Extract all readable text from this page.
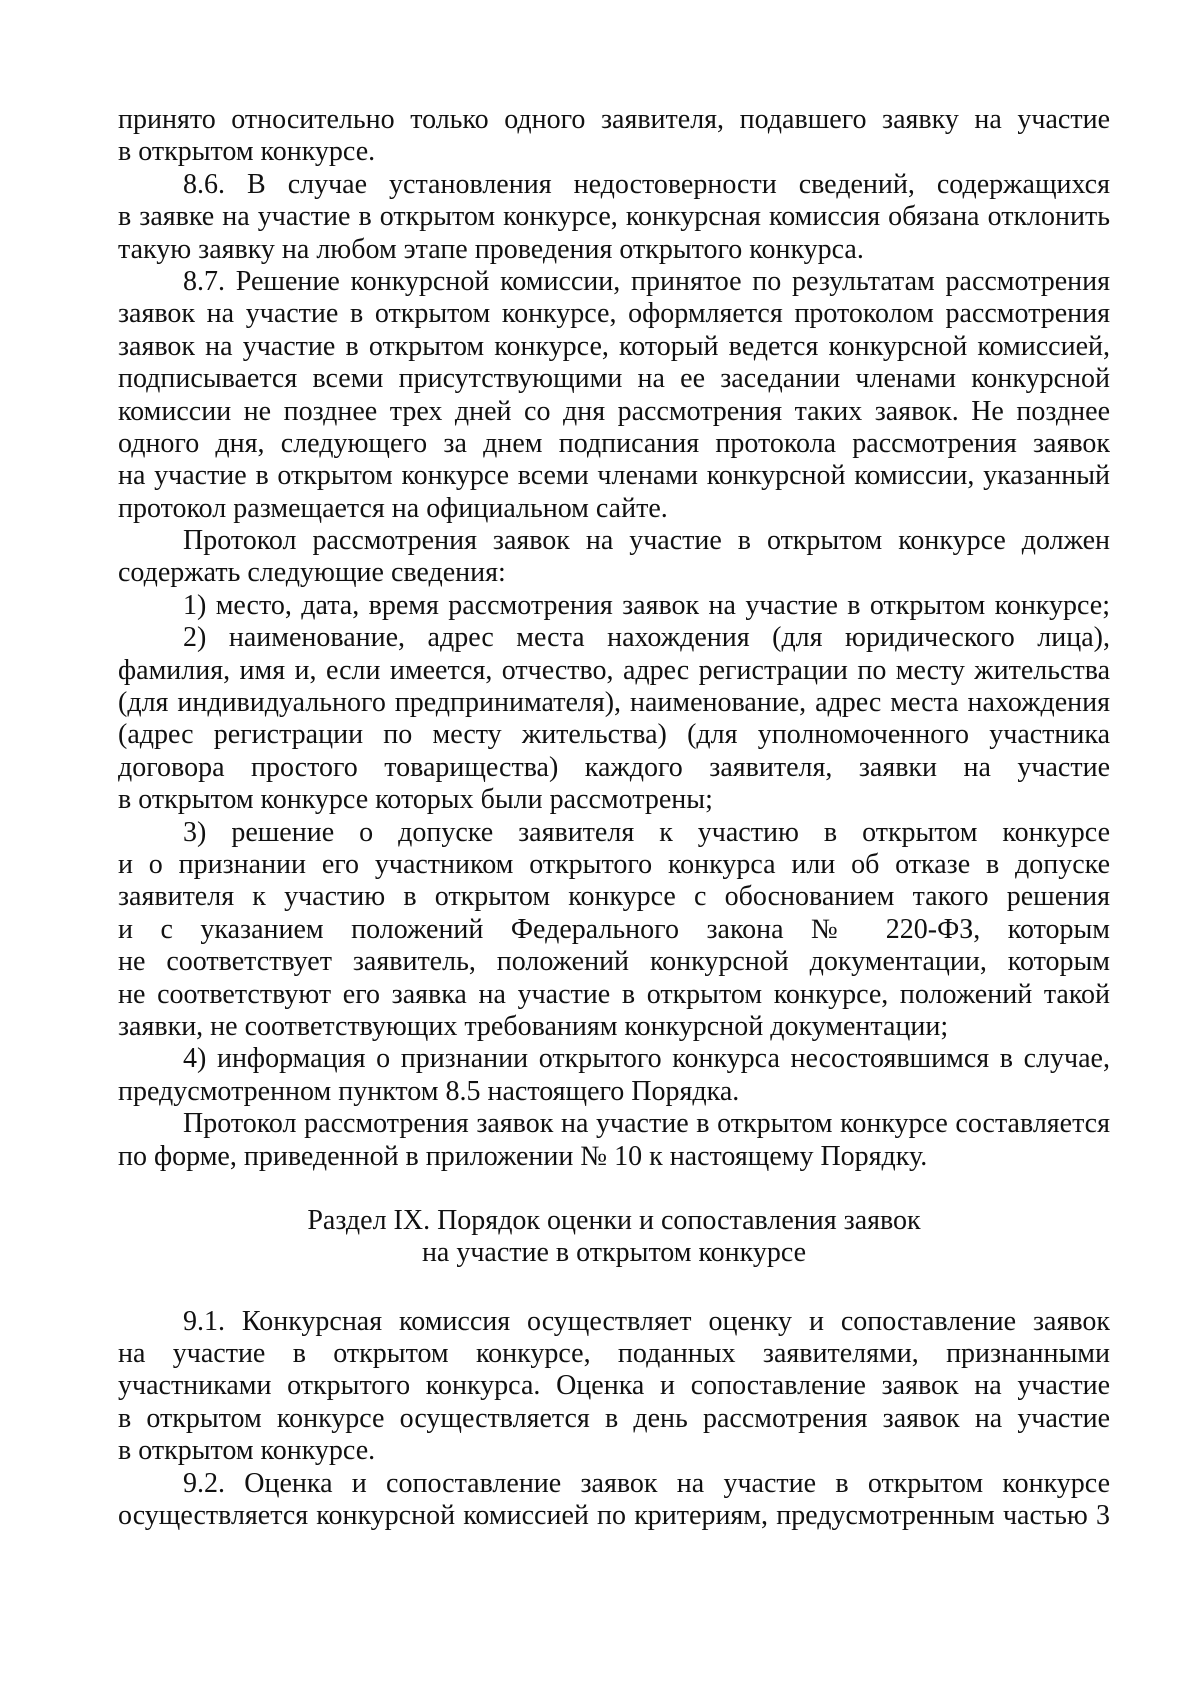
принято относительно только одного заявителя, подавшего заявку на участие
в открытом конкурсе.
8.6. В случае установления недостоверности сведений, содержащихся
в заявке на участие в открытом конкурсе, конкурсная комиссия обязана отклонить
такую заявку на любом этапе проведения открытого конкурса.
8.7. Решение конкурсной комиссии, принятое по результатам рассмотрения
заявок на участие в открытом конкурсе, оформляется протоколом рассмотрения
заявок на участие в открытом конкурсе, который ведется конкурсной комиссией,
подписывается всеми присутствующими на ее заседании членами конкурсной
комиссии не позднее трех дней со дня рассмотрения таких заявок. Не позднее
одного дня, следующего за днем подписания протокола рассмотрения заявок
на участие в открытом конкурсе всеми членами конкурсной комиссии, указанный
протокол размещается на официальном сайте.
Протокол рассмотрения заявок на участие в открытом конкурсе должен
содержать следующие сведения:
1) место, дата, время рассмотрения заявок на участие в открытом конкурсе;
2) наименование, адрес места нахождения (для юридического лица),
фамилия, имя и, если имеется, отчество, адрес регистрации по месту жительства
(для индивидуального предпринимателя), наименование, адрес места нахождения
(адрес регистрации по месту жительства) (для уполномоченного участника
договора простого товарищества) каждого заявителя, заявки на участие
в открытом конкурсе которых были рассмотрены;
3) решение о допуске заявителя к участию в открытом конкурсе
и о признании его участником открытого конкурса или об отказе в допуске
заявителя к участию в открытом конкурсе с обоснованием такого решения
и с указанием положений Федерального закона № 220-ФЗ, которым
не соответствует заявитель, положений конкурсной документации, которым
не соответствуют его заявка на участие в открытом конкурсе, положений такой
заявки, не соответствующих требованиям конкурсной документации;
4) информация о признании открытого конкурса несостоявшимся в случае,
предусмотренном пунктом 8.5 настоящего Порядка.
Протокол рассмотрения заявок на участие в открытом конкурсе составляется
по форме, приведенной в приложении № 10 к настоящему Порядку.
Раздел IX. Порядок оценки и сопоставления заявок
на участие в открытом конкурсе
9.1. Конкурсная комиссия осуществляет оценку и сопоставление заявок
на участие в открытом конкурсе, поданных заявителями, признанными
участниками открытого конкурса. Оценка и сопоставление заявок на участие
в открытом конкурсе осуществляется в день рассмотрения заявок на участие
в открытом конкурсе.
9.2. Оценка и сопоставление заявок на участие в открытом конкурсе
осуществляется конкурсной комиссией по критериям, предусмотренным частью 3
